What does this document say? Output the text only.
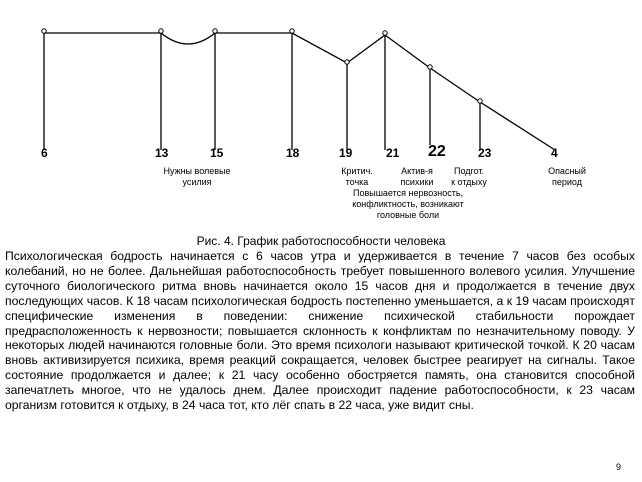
6	13	15	18	19	21 22	23	4
Нужны волевые
усилия
Критич.
точка
Актив-я
психики
Подгот.
к отдыху
Опасный
период
Повышается нервозность,
конфликтность, возникают
головные боли
Рис. 4. График работоспособности человека
Психологическая бодрость начинается с 6 часов утра и удерживается в течение 7 часов без особых колебаний, но не более. Дальнейшая работоспособность требует повышенного волевого усилия. Улучшение суточного биологического ритма вновь начинается около 15 часов дня и продолжается в течение двух последующих часов. К 18 часам психологическая бодрость постепенно уменьшается, а к 19 часам происходят специфические изменения в поведении: снижение психической стабильности порождает предрасположенность к нервозности; повышается склонность к конфликтам по незначительному поводу. У некоторых людей начинаются головные боли. Это время психологи называют критической точкой. К 20 часам вновь активизируется психика, время реакций сокращается, человек быстрее реагирует на сигналы. Такое состояние продолжается и далее; к 21 часу особенно обостряется память, она становится способной запечатлеть многое, что не удалось днем. Далее происходит падение работоспособности, к 23 часам организм готовится к отдыху, в 24 часа тот, кто лёг спать в 22 часа, уже видит сны.
9
